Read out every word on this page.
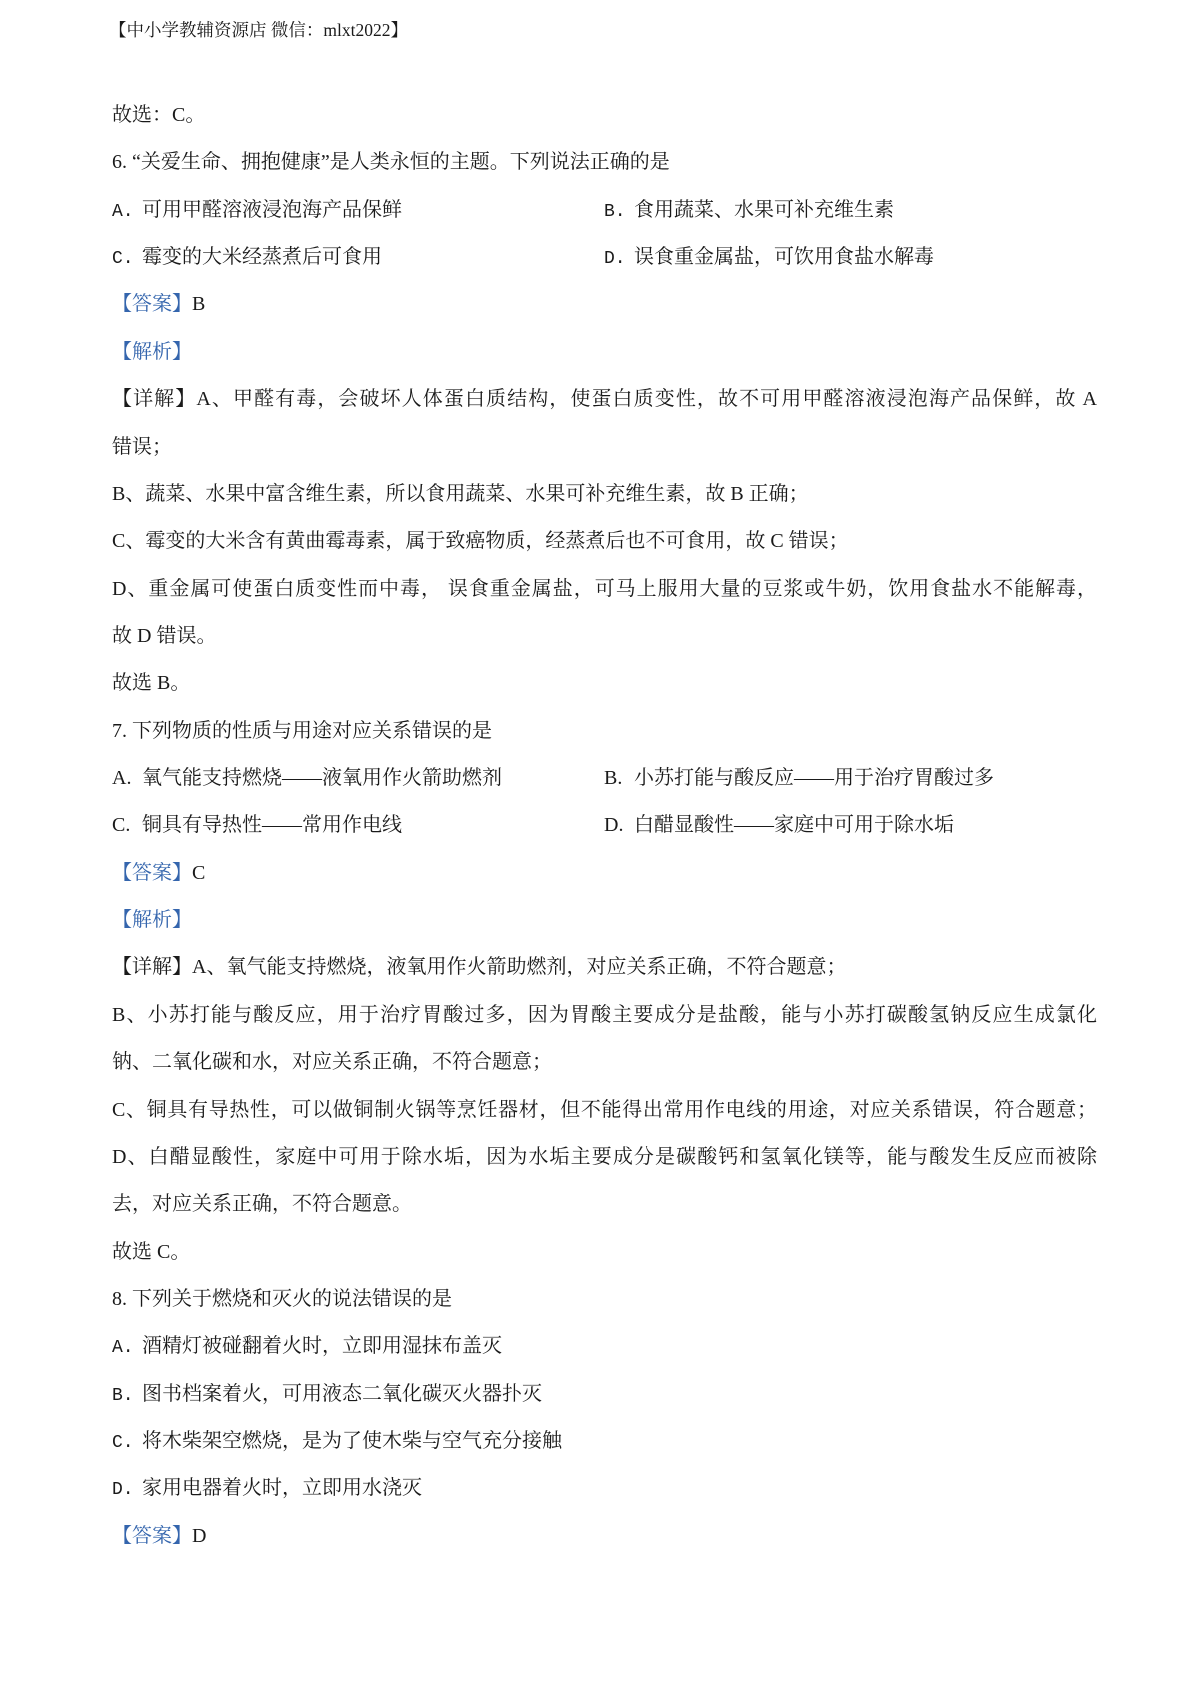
【中小学教辅资源店 微信：mlxt2022】
故选：C。
6. “关爱生命、拥抱健康”是人类永恒的主题。下列说法正确的是
A. 可用甲醛溶液浸泡海产品保鲜	B. 食用蔬菜、水果可补充维生素
C. 霉变的大米经蒸煮后可食用	D. 误食重金属盐，可饮用食盐水解毒
【答案】B
【解析】
【详解】A、甲醛有毒，会破坏人体蛋白质结构，使蛋白质变性，故不可用甲醛溶液浸泡海产品保鲜，故 A
错误；
B、蔬菜、水果中富含维生素，所以食用蔬菜、水果可补充维生素，故 B 正确；
C、霉变的大米含有黄曲霉毒素，属于致癌物质，经蒸煮后也不可食用，故 C 错误；
D、重金属可使蛋白质变性而中毒， 误食重金属盐，可马上服用大量的豆浆或牛奶，饮用食盐水不能解毒，
故 D 错误。
故选 B。
7. 下列物质的性质与用途对应关系错误的是
A. 氧气能支持燃烧——液氧用作火箭助燃剂	B. 小苏打能与酸反应——用于治疗胃酸过多
C. 铜具有导热性——常用作电线	D. 白醋显酸性——家庭中可用于除水垢
【答案】C
【解析】
【详解】A、氧气能支持燃烧，液氧用作火箭助燃剂，对应关系正确，不符合题意；
B、小苏打能与酸反应，用于治疗胃酸过多，因为胃酸主要成分是盐酸，能与小苏打碳酸氢钠反应生成氯化
钠、二氧化碳和水，对应关系正确，不符合题意；
C、铜具有导热性，可以做铜制火锅等烹饪器材，但不能得出常用作电线的用途，对应关系错误，符合题意；
D、白醋显酸性，家庭中可用于除水垢，因为水垢主要成分是碳酸钙和氢氧化镁等，能与酸发生反应而被除
去，对应关系正确，不符合题意。
故选 C。
8. 下列关于燃烧和灭火的说法错误的是
A. 酒精灯被碰翻着火时，立即用湿抹布盖灭
B. 图书档案着火，可用液态二氧化碳灭火器扑灭
C. 将木柴架空燃烧，是为了使木柴与空气充分接触
D. 家用电器着火时，立即用水浇灭
【答案】D
